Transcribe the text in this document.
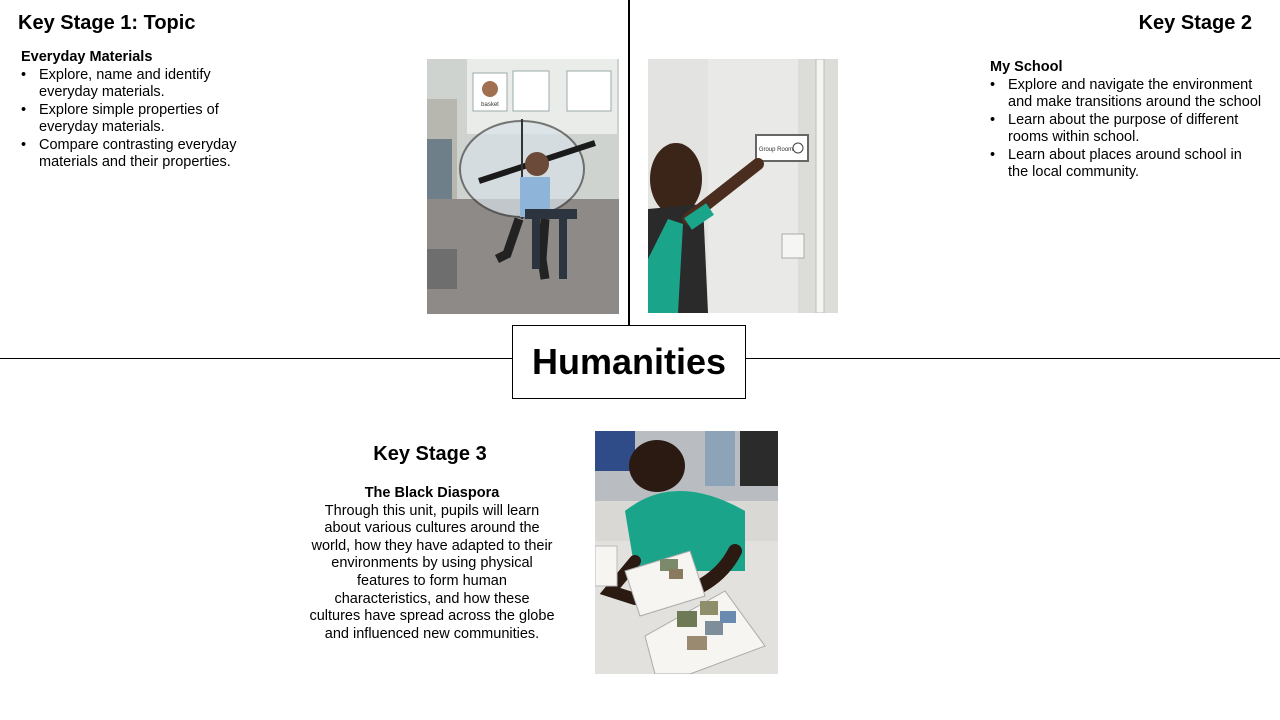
Humanities
Key Stage 1: Topic
Everyday Materials
• Explore, name and identify everyday materials.
• Explore simple properties of everyday materials.
• Compare contrasting everyday materials and their properties.
Key Stage 2
My School
• Explore and navigate the environment and make transitions around the school
• Learn about the purpose of different rooms within school.
• Learn about places around school in the local community.
Key Stage 3
The Black Diaspora
Through this unit, pupils will learn about various cultures around the world, how they have adapted to their environments by using physical features to form human characteristics, and how these cultures have spread across the globe and influenced new communities.
basket
Group Room
